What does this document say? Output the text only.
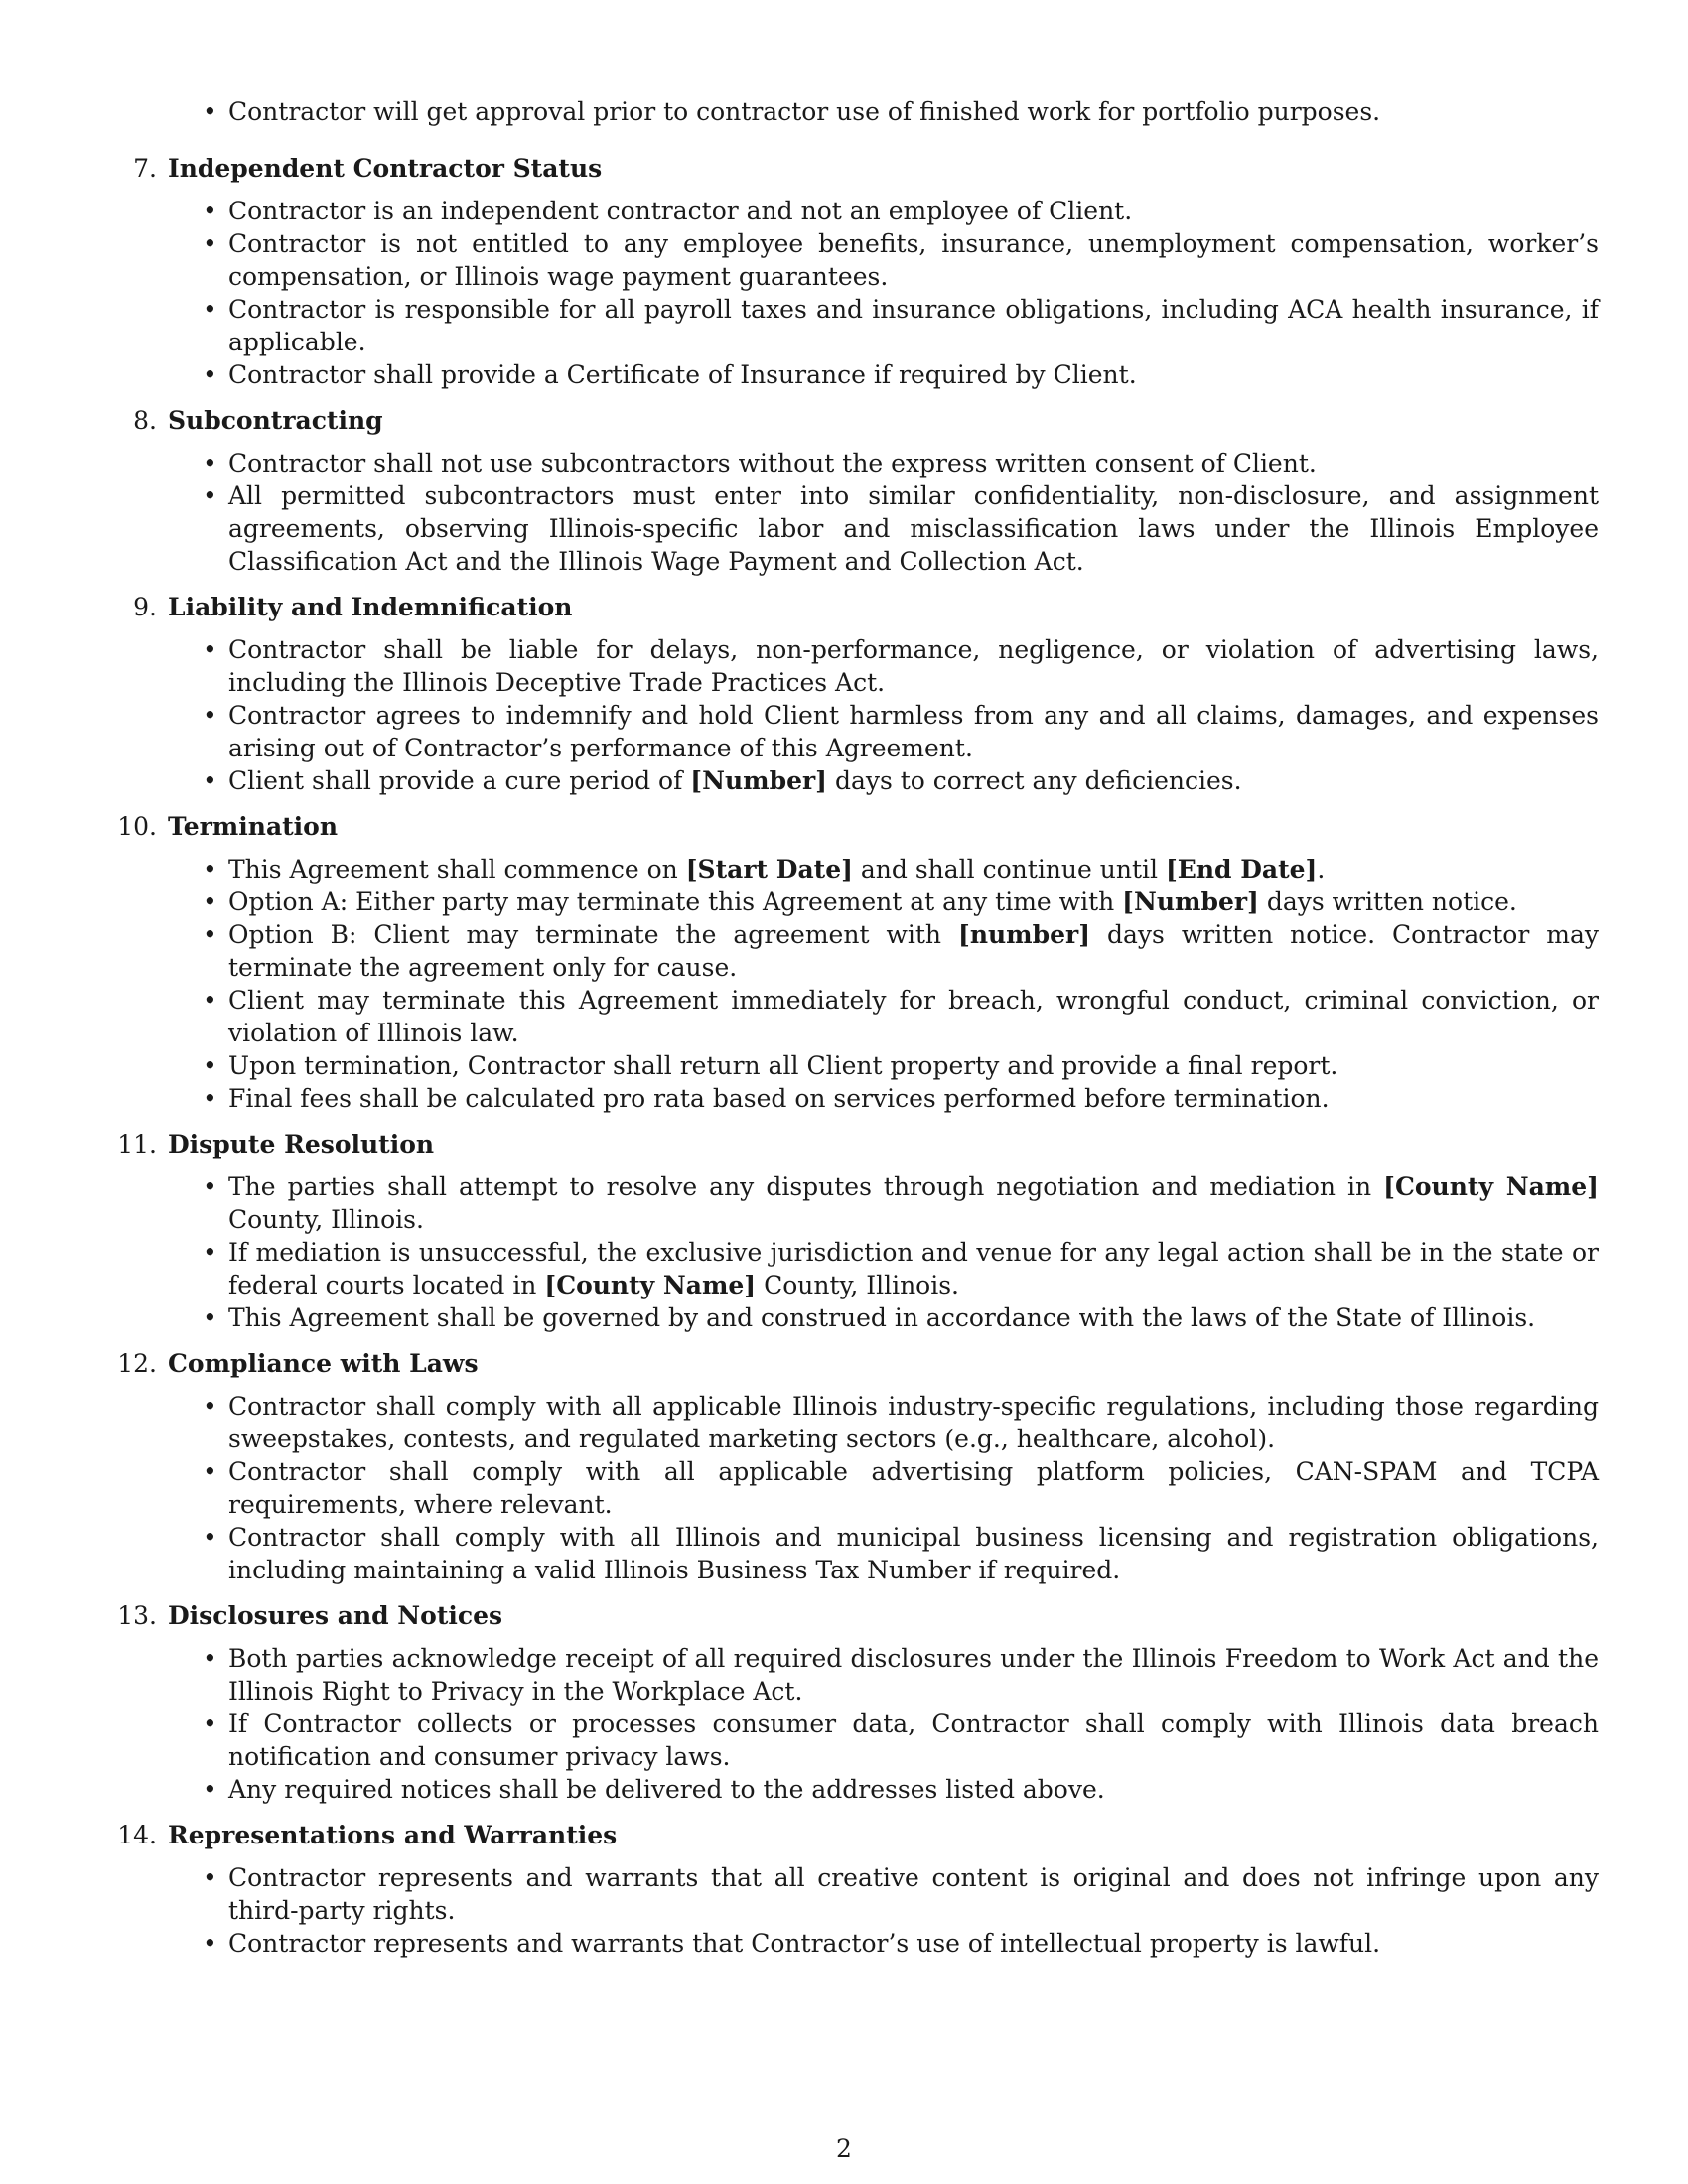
• Contractor will get approval prior to contractor use of finished work for portfolio purposes.
7. Independent Contractor Status
• Contractor is an independent contractor and not an employee of Client.
• Contractor is not entitled to any employee benefits, insurance, unemployment compensation, worker’s compensation, or Illinois wage payment guarantees.
• Contractor is responsible for all payroll taxes and insurance obligations, including ACA health insurance, if applicable.
• Contractor shall provide a Certificate of Insurance if required by Client.
8. Subcontracting
• Contractor shall not use subcontractors without the express written consent of Client.
• All permitted subcontractors must enter into similar confidentiality, non-disclosure, and assignment agreements, observing Illinois-specific labor and misclassification laws under the Illinois Employee Classification Act and the Illinois Wage Payment and Collection Act.
9. Liability and Indemnification
• Contractor shall be liable for delays, non-performance, negligence, or violation of advertising laws, including the Illinois Deceptive Trade Practices Act.
• Contractor agrees to indemnify and hold Client harmless from any and all claims, damages, and expenses arising out of Contractor’s performance of this Agreement.
• Client shall provide a cure period of [Number] days to correct any deficiencies.
10. Termination
• This Agreement shall commence on [Start Date] and shall continue until [End Date].
• Option A: Either party may terminate this Agreement at any time with [Number] days written notice.
• Option B: Client may terminate the agreement with [number] days written notice. Contractor may terminate the agreement only for cause.
• Client may terminate this Agreement immediately for breach, wrongful conduct, criminal conviction, or violation of Illinois law.
• Upon termination, Contractor shall return all Client property and provide a final report.
• Final fees shall be calculated pro rata based on services performed before termination.
11. Dispute Resolution
• The parties shall attempt to resolve any disputes through negotiation and mediation in [County Name] County, Illinois.
• If mediation is unsuccessful, the exclusive jurisdiction and venue for any legal action shall be in the state or federal courts located in [County Name] County, Illinois.
• This Agreement shall be governed by and construed in accordance with the laws of the State of Illinois.
12. Compliance with Laws
• Contractor shall comply with all applicable Illinois industry-specific regulations, including those regarding sweepstakes, contests, and regulated marketing sectors (e.g., healthcare, alcohol).
• Contractor shall comply with all applicable advertising platform policies, CAN-SPAM and TCPA requirements, where relevant.
• Contractor shall comply with all Illinois and municipal business licensing and registration obligations, including maintaining a valid Illinois Business Tax Number if required.
13. Disclosures and Notices
• Both parties acknowledge receipt of all required disclosures under the Illinois Freedom to Work Act and the Illinois Right to Privacy in the Workplace Act.
• If Contractor collects or processes consumer data, Contractor shall comply with Illinois data breach notification and consumer privacy laws.
• Any required notices shall be delivered to the addresses listed above.
14. Representations and Warranties
• Contractor represents and warrants that all creative content is original and does not infringe upon any third-party rights.
• Contractor represents and warrants that Contractor’s use of intellectual property is lawful.
2
